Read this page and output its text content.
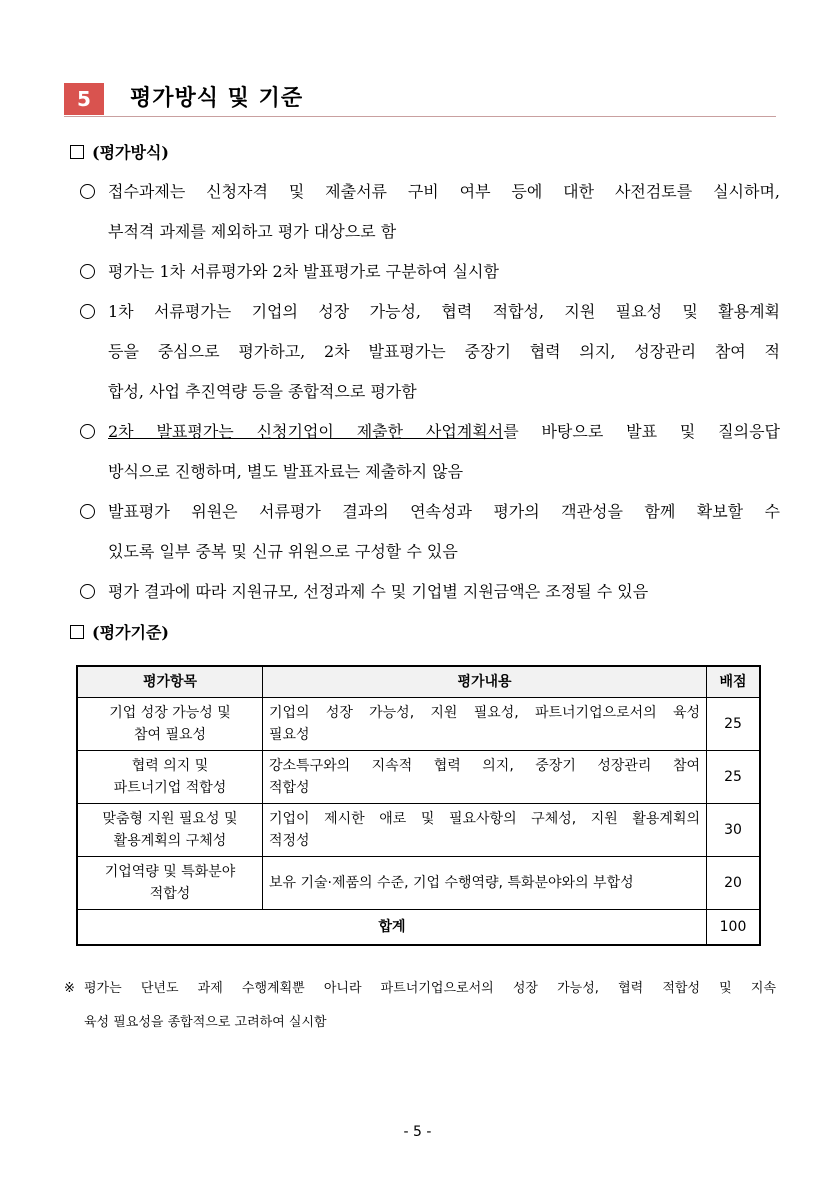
5	평가방식 및 기준
(평가방식)
접수과제는 신청자격 및 제출서류 구비 여부 등에 대한 사전검토를 실시하며,
부적격 과제를 제외하고 평가 대상으로 함
평가는 1차 서류평가와 2차 발표평가로 구분하여 실시함
1차 서류평가는 기업의 성장 가능성, 협력 적합성, 지원 필요성 및 활용계획
등을 중심으로 평가하고, 2차 발표평가는 중장기 협력 의지, 성장관리 참여 적
합성, 사업 추진역량 등을 종합적으로 평가함
2차 발표평가는 신청기업이 제출한 사업계획서를 바탕으로 발표 및 질의응답
방식으로 진행하며, 별도 발표자료는 제출하지 않음
발표평가 위원은 서류평가 결과의 연속성과 평가의 객관성을 함께 확보할 수
있도록 일부 중복 및 신규 위원으로 구성할 수 있음
평가 결과에 따라 지원규모, 선정과제 수 및 기업별 지원금액은 조정될 수 있음
(평가기준)
평가항목	평가내용	배점
기업 성장 가능성 및
참여 필요성	기업의 성장 가능성, 지원 필요성, 파트너기업으로서의 육성
필요성	25
협력 의지 및
파트너기업 적합성	강소특구와의 지속적 협력 의지, 중장기 성장관리 참여
적합성	25
맞춤형 지원 필요성 및
활용계획의 구체성	기업이 제시한 애로 및 필요사항의 구체성, 지원 활용계획의
적정성	30
기업역량 및 특화분야
적합성	보유 기술·제품의 수준, 기업 수행역량, 특화분야와의 부합성	20
합계		100
※ 평가는 단년도 과제 수행계획뿐 아니라 파트너기업으로서의 성장 가능성, 협력 적합성 및 지속
육성 필요성을 종합적으로 고려하여 실시함
- 5 -
